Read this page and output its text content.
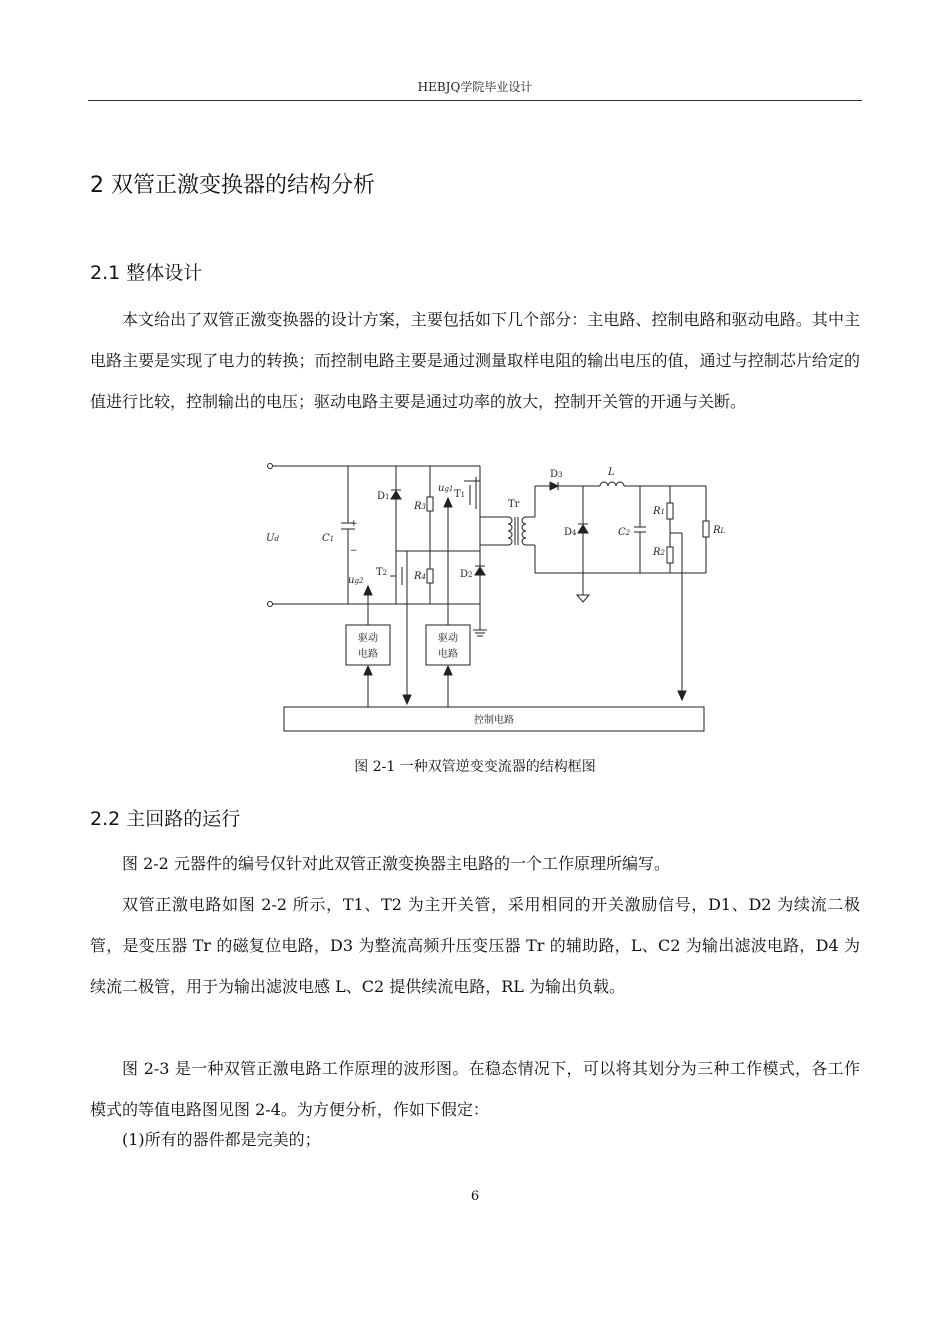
HEBJQ学院毕业设计
2 双管正激变换器的结构分析
2.1 整体设计
本文给出了双管正激变换器的设计方案，主要包括如下几个部分：主电路、控制电路和驱动电路。其中主电路主要是实现了电力的转换；而控制电路主要是通过测量取样电阻的输出电压的值，通过与控制芯片给定的值进行比较，控制输出的电压；驱动电路主要是通过功率的放大，控制开关管的开通与关断。
Ud	C1
+
−
D1
R3
ug1 T1
T2
ug2	R4	D2
Tr
D3	L
D4	C2
R1
R2
RL
驱动
电路
驱动
电路
控制电路
图 2-1 一种双管逆变变流器的结构框图
2.2 主回路的运行
图 2-2 元器件的编号仅针对此双管正激变换器主电路的一个工作原理所编写。
双管正激电路如图 2-2 所示，T1、T2 为主开关管，采用相同的开关激励信号，D1、D2 为续流二极管，是变压器 Tr 的磁复位电路，D3 为整流高频升压变压器 Tr 的辅助路，L、C2 为输出滤波电路，D4 为续流二极管，用于为输出滤波电感 L、C2 提供续流电路，RL 为输出负载。
图 2-3 是一种双管正激电路工作原理的波形图。在稳态情况下，可以将其划分为三种工作模式，各工作模式的等值电路图见图 2-4。为方便分析，作如下假定：
(1)所有的器件都是完美的；
6
